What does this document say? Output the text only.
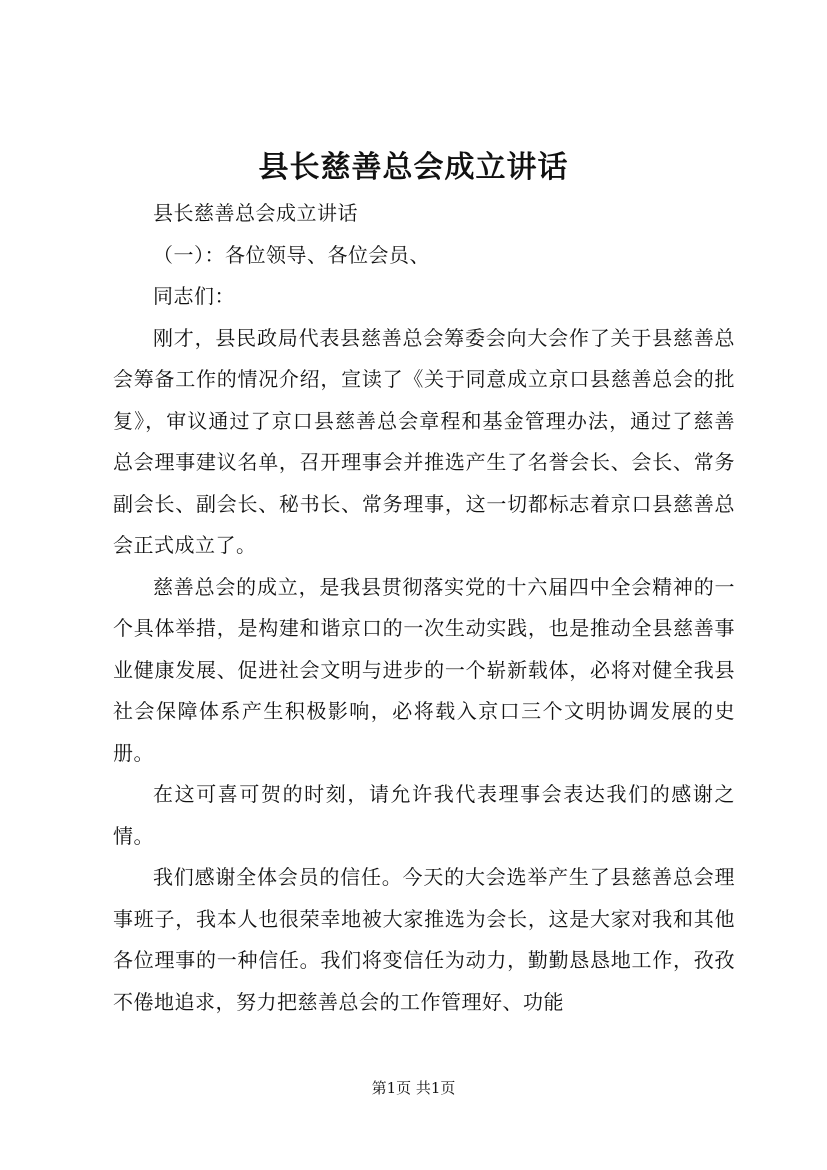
县长慈善总会成立讲话

县长慈善总会成立讲话

（一）：各位领导、各位会员、

同志们：

刚才，县民政局代表县慈善总会筹委会向大会作了关于县慈善总会筹备工作的情况介绍，宣读了《关于同意成立京口县慈善总会的批复》，审议通过了京口县慈善总会章程和基金管理办法，通过了慈善总会理事建议名单，召开理事会并推选产生了名誉会长、会长、常务副会长、副会长、秘书长、常务理事，这一切都标志着京口县慈善总会正式成立了。

慈善总会的成立，是我县贯彻落实党的十六届四中全会精神的一个具体举措，是构建和谐京口的一次生动实践，也是推动全县慈善事业健康发展、促进社会文明与进步的一个崭新载体，必将对健全我县社会保障体系产生积极影响，必将载入京口三个文明协调发展的史册。

在这可喜可贺的时刻，请允许我代表理事会表达我们的感谢之情。

我们感谢全体会员的信任。今天的大会选举产生了县慈善总会理事班子，我本人也很荣幸地被大家推选为会长，这是大家对我和其他各位理事的一种信任。我们将变信任为动力，勤勤恳恳地工作，孜孜不倦地追求，努力把慈善总会的工作管理好、功能

第1页 共1页
